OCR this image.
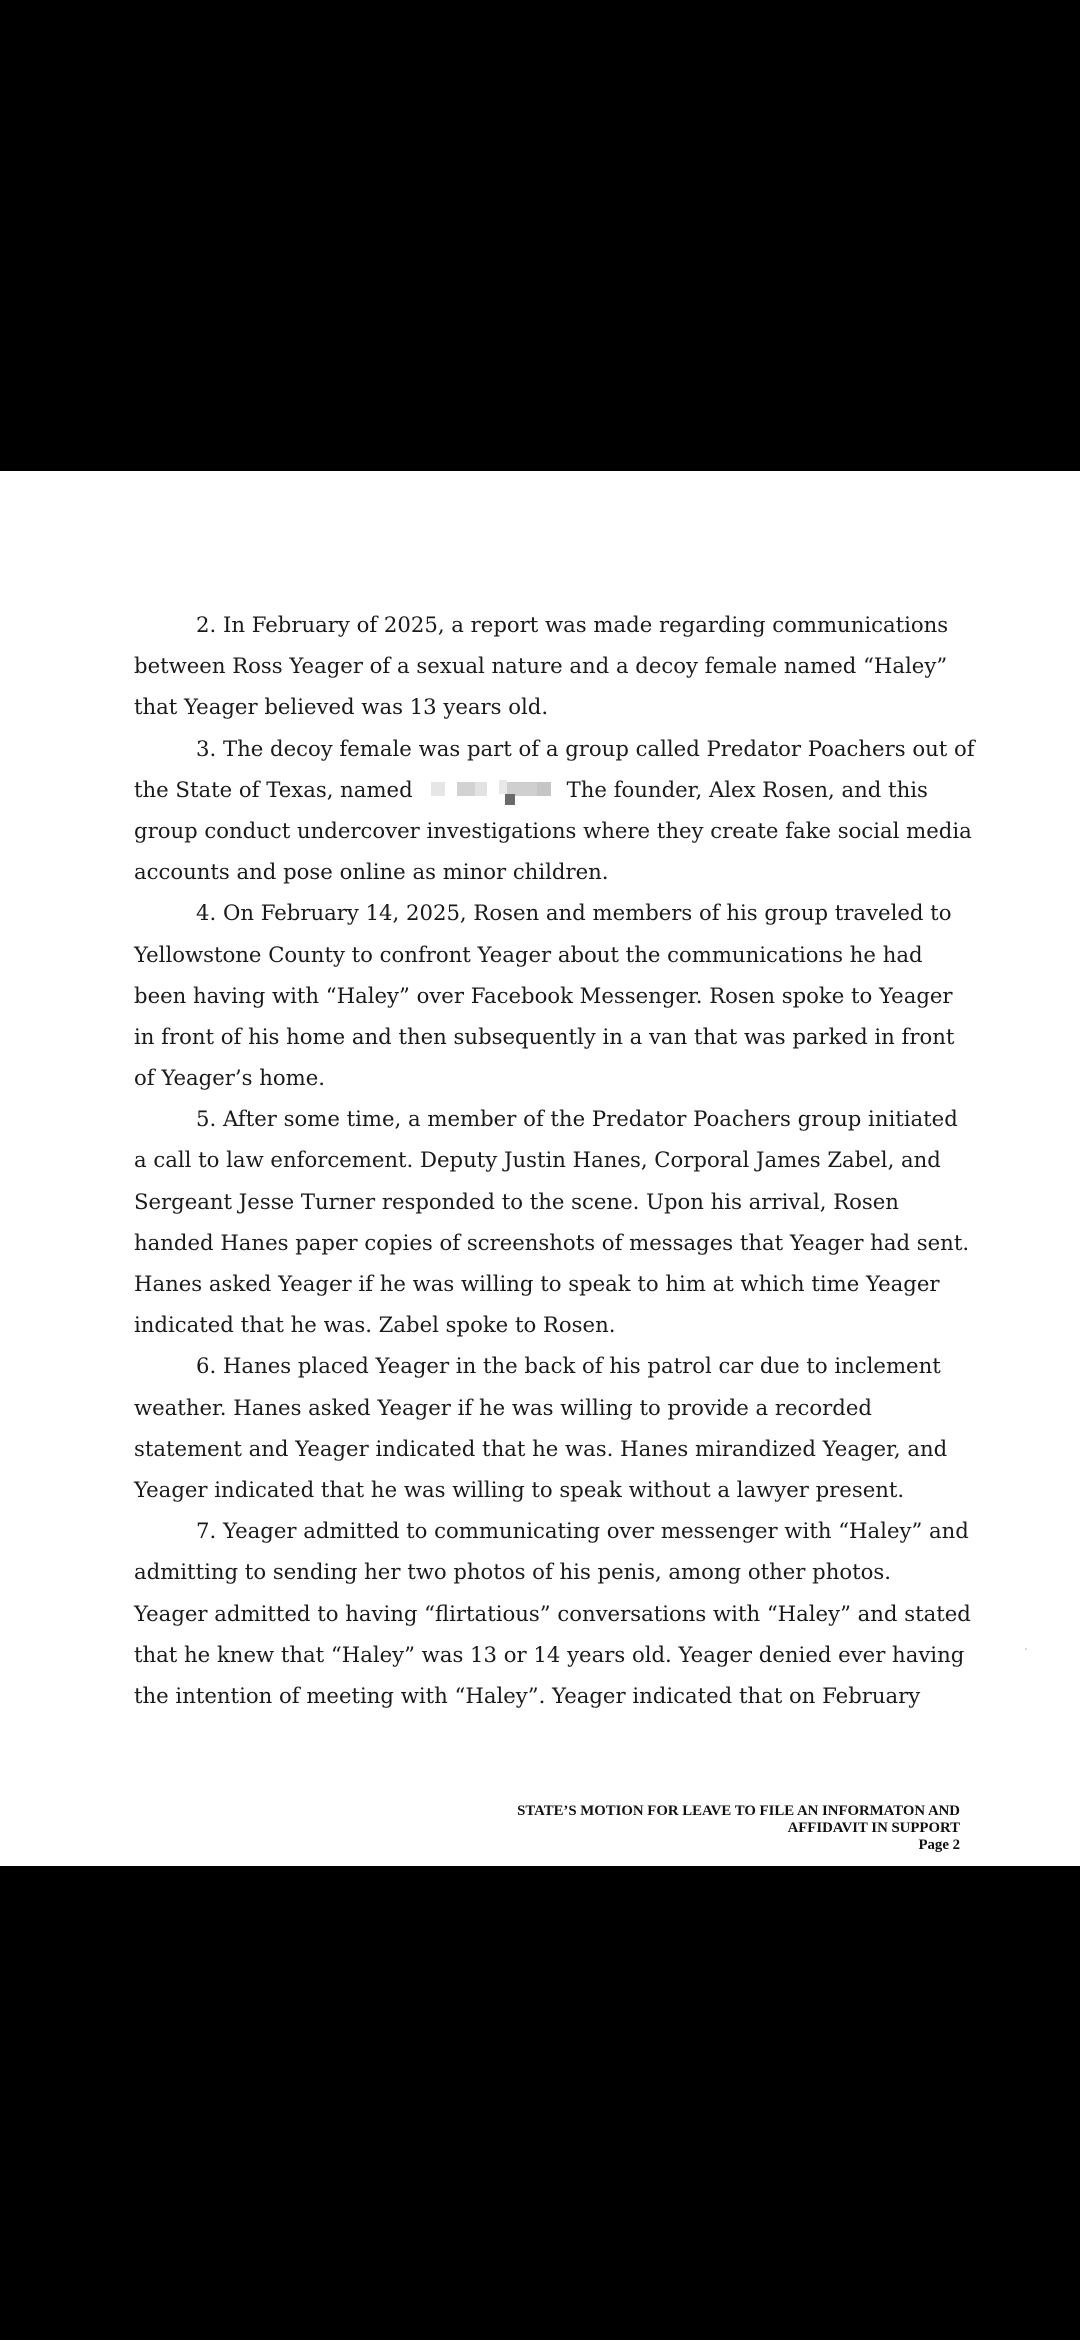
2. In February of 2025, a report was made regarding communications
between Ross Yeager of a sexual nature and a decoy female named “Haley”
that Yeager believed was 13 years old.

3. The decoy female was part of a group called Predator Poachers out of
the State of Texas, named	The founder, Alex Rosen, and this
group conduct undercover investigations where they create fake social media
accounts and pose online as minor children.

4. On February 14, 2025, Rosen and members of his group traveled to
Yellowstone County to confront Yeager about the communications he had
been having with “Haley” over Facebook Messenger. Rosen spoke to Yeager
in front of his home and then subsequently in a van that was parked in front
of Yeager’s home.

5. After some time, a member of the Predator Poachers group initiated
a call to law enforcement. Deputy Justin Hanes, Corporal James Zabel, and
Sergeant Jesse Turner responded to the scene. Upon his arrival, Rosen
handed Hanes paper copies of screenshots of messages that Yeager had sent.
Hanes asked Yeager if he was willing to speak to him at which time Yeager
indicated that he was. Zabel spoke to Rosen.

6. Hanes placed Yeager in the back of his patrol car due to inclement
weather. Hanes asked Yeager if he was willing to provide a recorded
statement and Yeager indicated that he was. Hanes mirandized Yeager, and
Yeager indicated that he was willing to speak without a lawyer present.

7. Yeager admitted to communicating over messenger with “Haley” and
admitting to sending her two photos of his penis, among other photos.
Yeager admitted to having “flirtatious” conversations with “Haley” and stated
that he knew that “Haley” was 13 or 14 years old. Yeager denied ever having
the intention of meeting with “Haley”. Yeager indicated that on February

STATE’S MOTION FOR LEAVE TO FILE AN INFORMATON AND
AFFIDAVIT IN SUPPORT
Page 2
